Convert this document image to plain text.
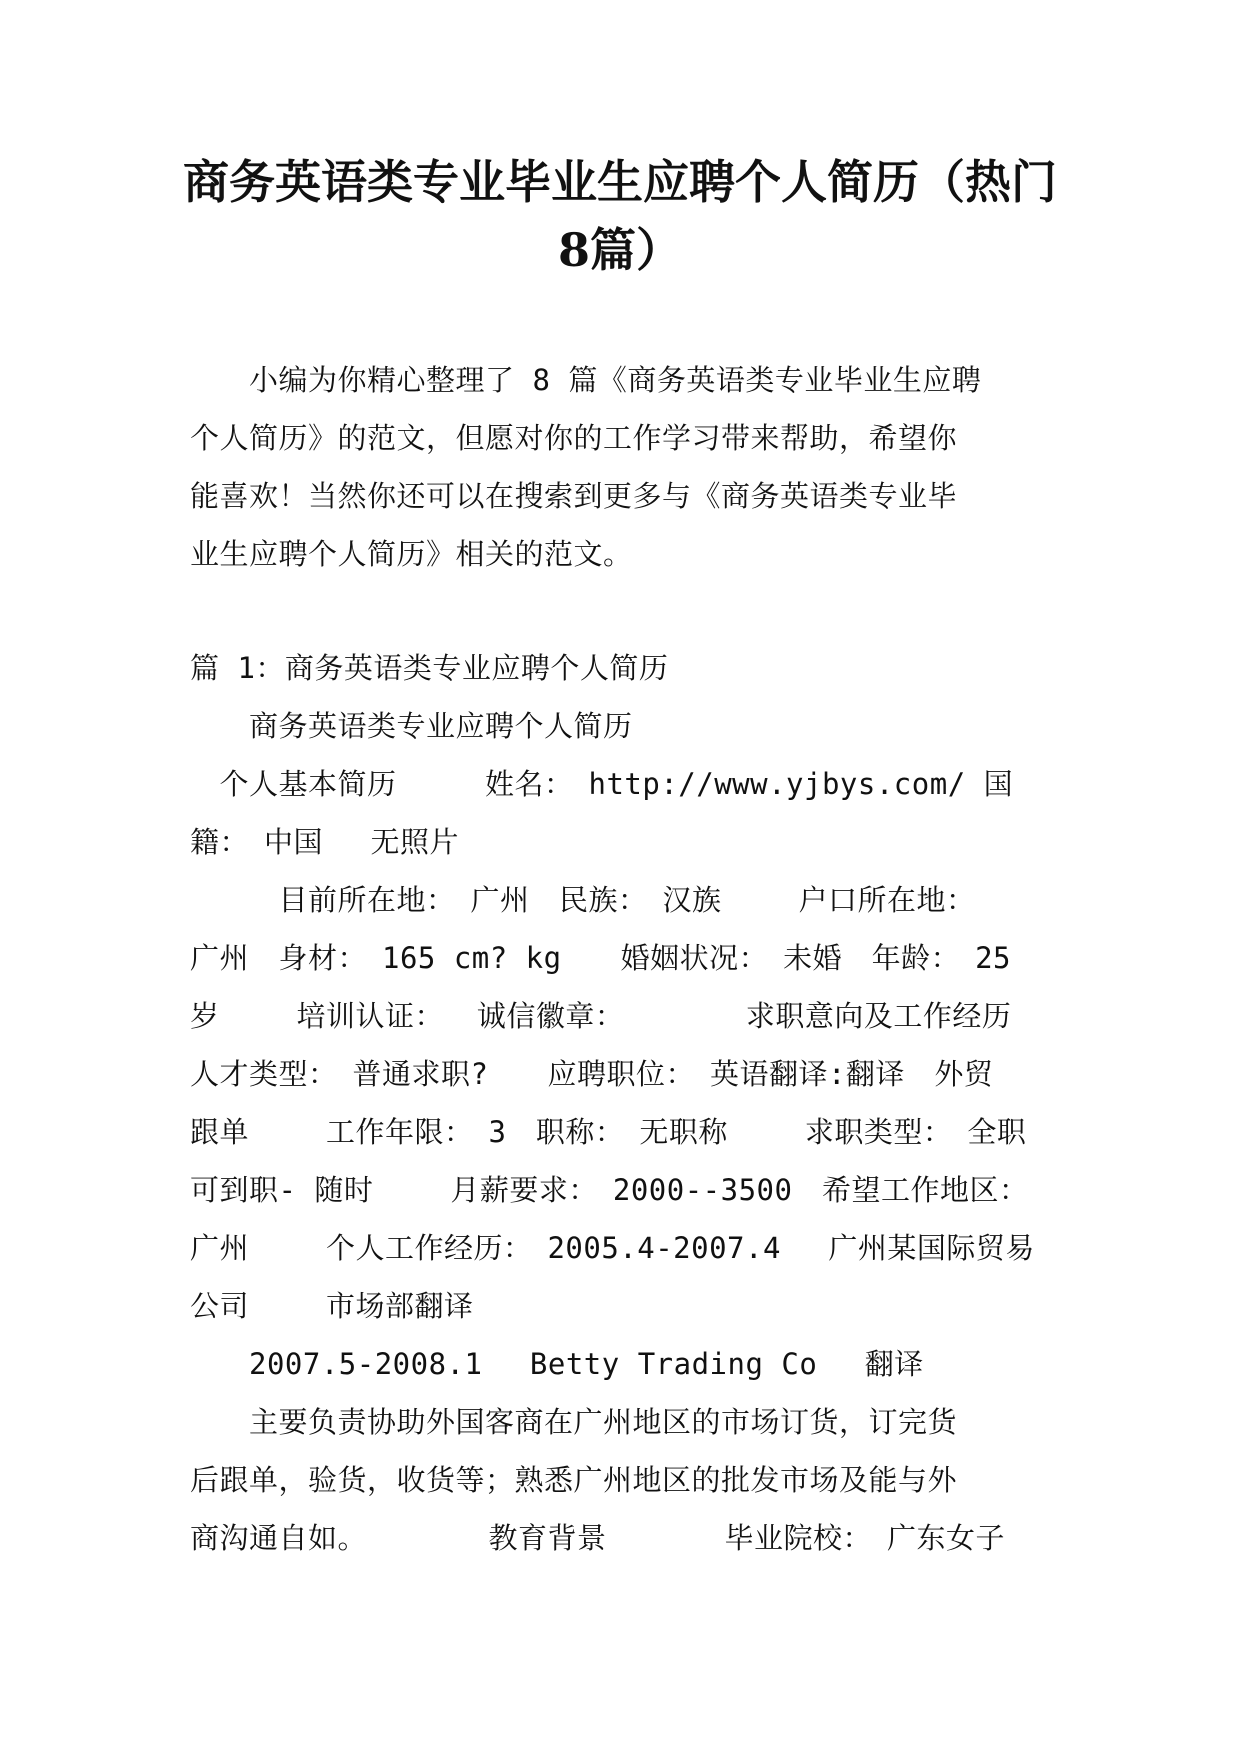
商务英语类专业毕业生应聘个人简历（热门
8篇）

　　小编为你精心整理了 8 篇《商务英语类专业毕业生应聘

个人简历》的范文，但愿对你的工作学习带来帮助，希望你

能喜欢！当然你还可以在搜索到更多与《商务英语类专业毕

业生应聘个人简历》相关的范文。

篇 1：商务英语类专业应聘个人简历

　　商务英语类专业应聘个人简历

　个人基本简历　　　姓名：　http://www.yjbys.com/ 国

籍：　中国　 无照片

　　　目前所在地：　广州　民族：　汉族　　 户口所在地：

广州　身材：　165 cm? kg　　婚姻状况：　未婚　年龄：　25

岁　　 培训认证：　 诚信徽章：　　　　 求职意向及工作经历

人才类型：　普通求职?　　应聘职位：　英语翻译:翻译　外贸

跟单　　 工作年限：　3　职称：　无职称　　 求职类型：　全职

可到职- 随时　　 月薪要求：　2000--3500　希望工作地区：

广州　　 个人工作经历：　2005.4-2007.4　 广州某国际贸易

公司　　 市场部翻译

　　2007.5-2008.1　 Betty Trading Co　 翻译

　　主要负责协助外国客商在广州地区的市场订货，订完货

后跟单，验货，收货等；熟悉广州地区的批发市场及能与外

商沟通自如。　　　　 教育背景　　　　毕业院校：　广东女子
